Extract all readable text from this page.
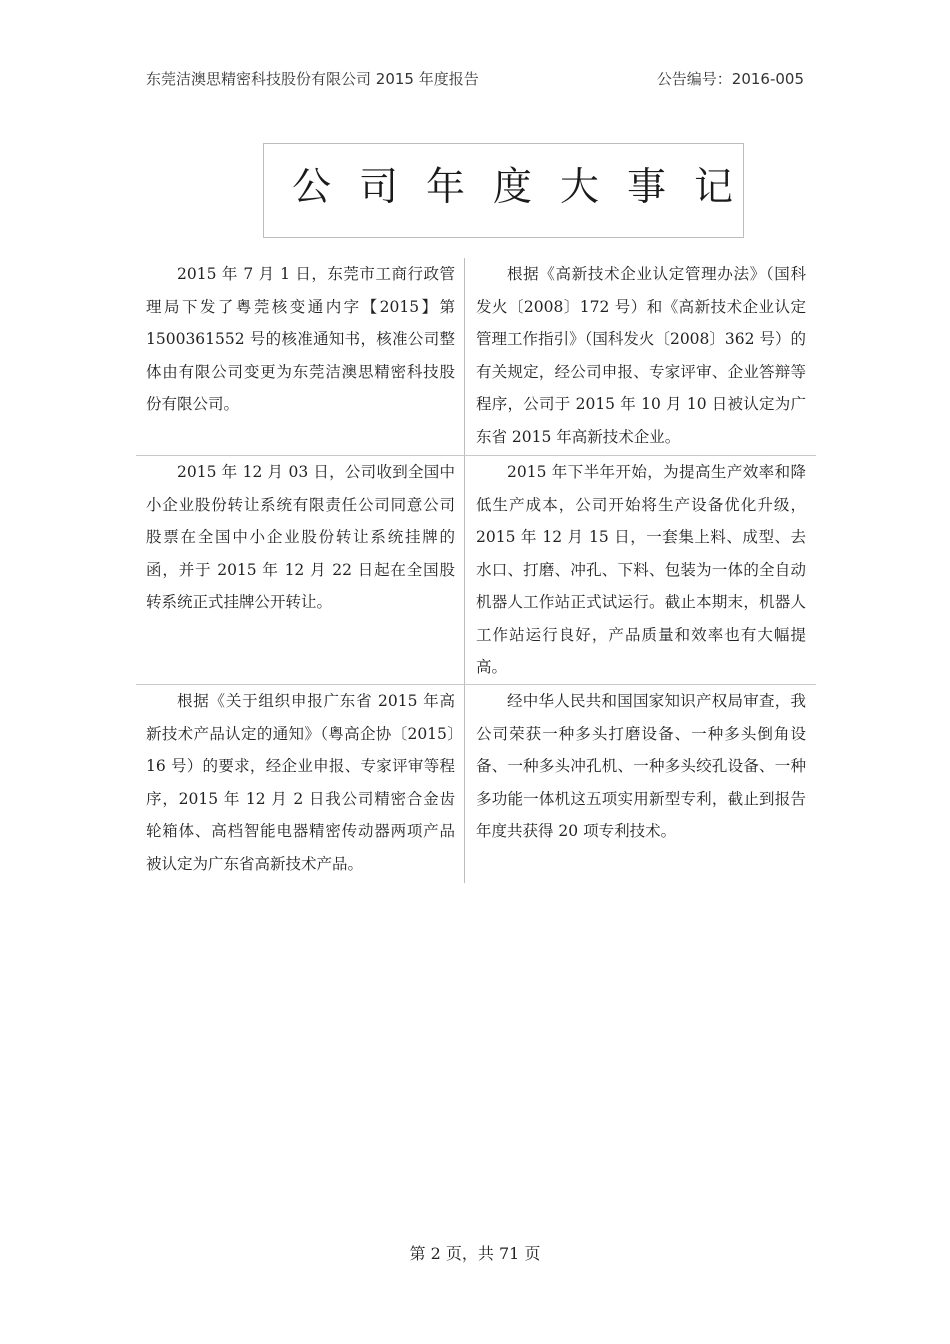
东莞洁澳思精密科技股份有限公司 2015 年度报告	公告编号：2016-005
公司年度大事记
2015 年 7 月 1 日，东莞市工商行政管理局下发了粤莞核变通内字【2015】第 1500361552 号的核准通知书，核准公司整体由有限公司变更为东莞洁澳思精密科技股份有限公司。
根据《高新技术企业认定管理办法》（国科发火〔2008〕172 号）和《高新技术企业认定管理工作指引》（国科发火〔2008〕362 号）的有关规定，经公司申报、专家评审、企业答辩等程序，公司于 2015 年 10 月 10 日被认定为广东省 2015 年高新技术企业。
2015 年 12 月 03 日，公司收到全国中小企业股份转让系统有限责任公司同意公司股票在全国中小企业股份转让系统挂牌的函，并于 2015 年 12 月 22 日起在全国股转系统正式挂牌公开转让。
2015 年下半年开始，为提高生产效率和降低生产成本，公司开始将生产设备优化升级，2015 年 12 月 15 日，一套集上料、成型、去水口、打磨、冲孔、下料、包装为一体的全自动机器人工作站正式试运行。截止本期末，机器人工作站运行良好，产品质量和效率也有大幅提高。
根据《关于组织申报广东省 2015 年高新技术产品认定的通知》（粤高企协〔2015〕16 号）的要求，经企业申报、专家评审等程序，2015 年 12 月 2 日我公司精密合金齿轮箱体、高档智能电器精密传动器两项产品被认定为广东省高新技术产品。
经中华人民共和国国家知识产权局审查，我公司荣获一种多头打磨设备、一种多头倒角设备、一种多头冲孔机、一种多头绞孔设备、一种多功能一体机这五项实用新型专利，截止到报告年度共获得 20 项专利技术。
第 2 页，共 71 页
